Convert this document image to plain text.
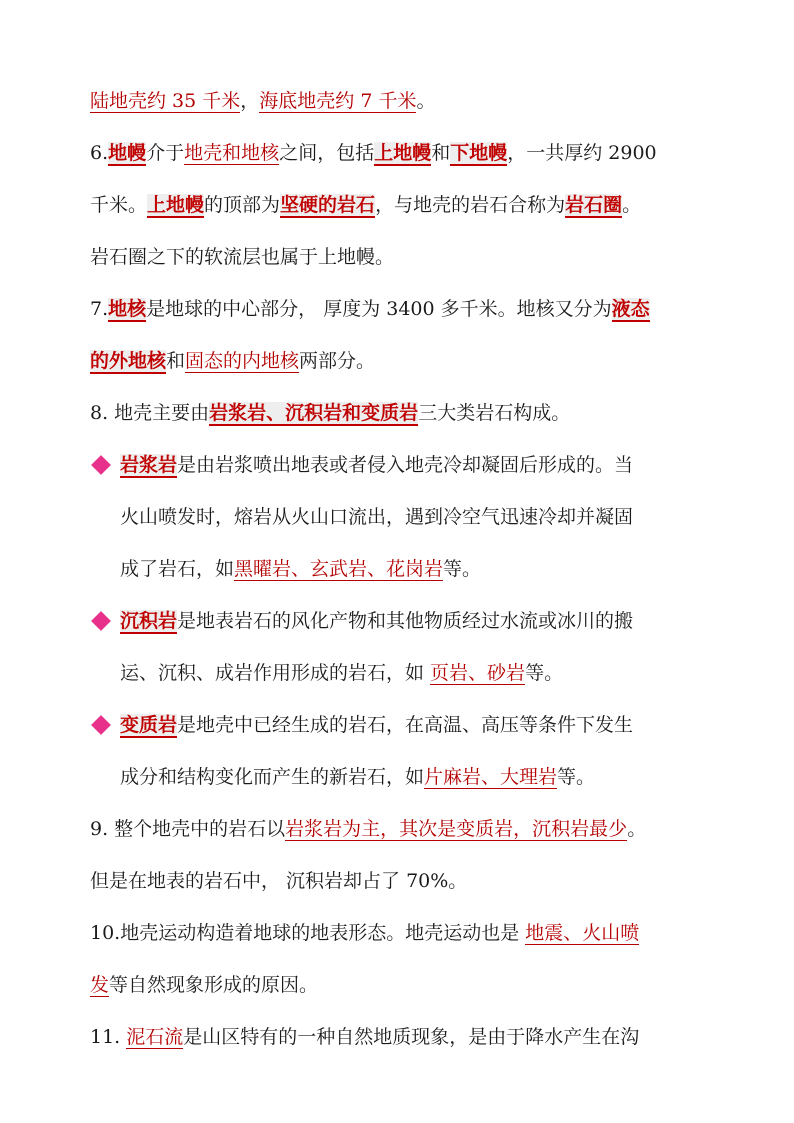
陆地壳约 35 千米，海底地壳约 7 千米。
6.地幔介于地壳和地核之间，包括上地幔和下地幔，一共厚约 2900
千米。上地幔的顶部为坚硬的岩石，与地壳的岩石合称为岩石圈。
岩石圈之下的软流层也属于上地幔。
7.地核是地球的中心部分， 厚度为 3400 多千米。地核又分为液态
的外地核和固态的内地核两部分。
8. 地壳主要由岩浆岩、沉积岩和变质岩三大类岩石构成。
岩浆岩是由岩浆喷出地表或者侵入地壳冷却凝固后形成的。当
火山喷发时，熔岩从火山口流出，遇到冷空气迅速冷却并凝固
成了岩石，如黑曜岩、玄武岩、花岗岩等。
沉积岩是地表岩石的风化产物和其他物质经过水流或冰川的搬
运、沉积、成岩作用形成的岩石，如 页岩、砂岩等。
变质岩是地壳中已经生成的岩石，在高温、高压等条件下发生
成分和结构变化而产生的新岩石，如片麻岩、大理岩等。
9. 整个地壳中的岩石以岩浆岩为主，其次是变质岩，沉积岩最少。
但是在地表的岩石中， 沉积岩却占了 70%。
10.地壳运动构造着地球的地表形态。地壳运动也是 地震、火山喷
发等自然现象形成的原因。
11. 泥石流是山区特有的一种自然地质现象，是由于降水产生在沟
